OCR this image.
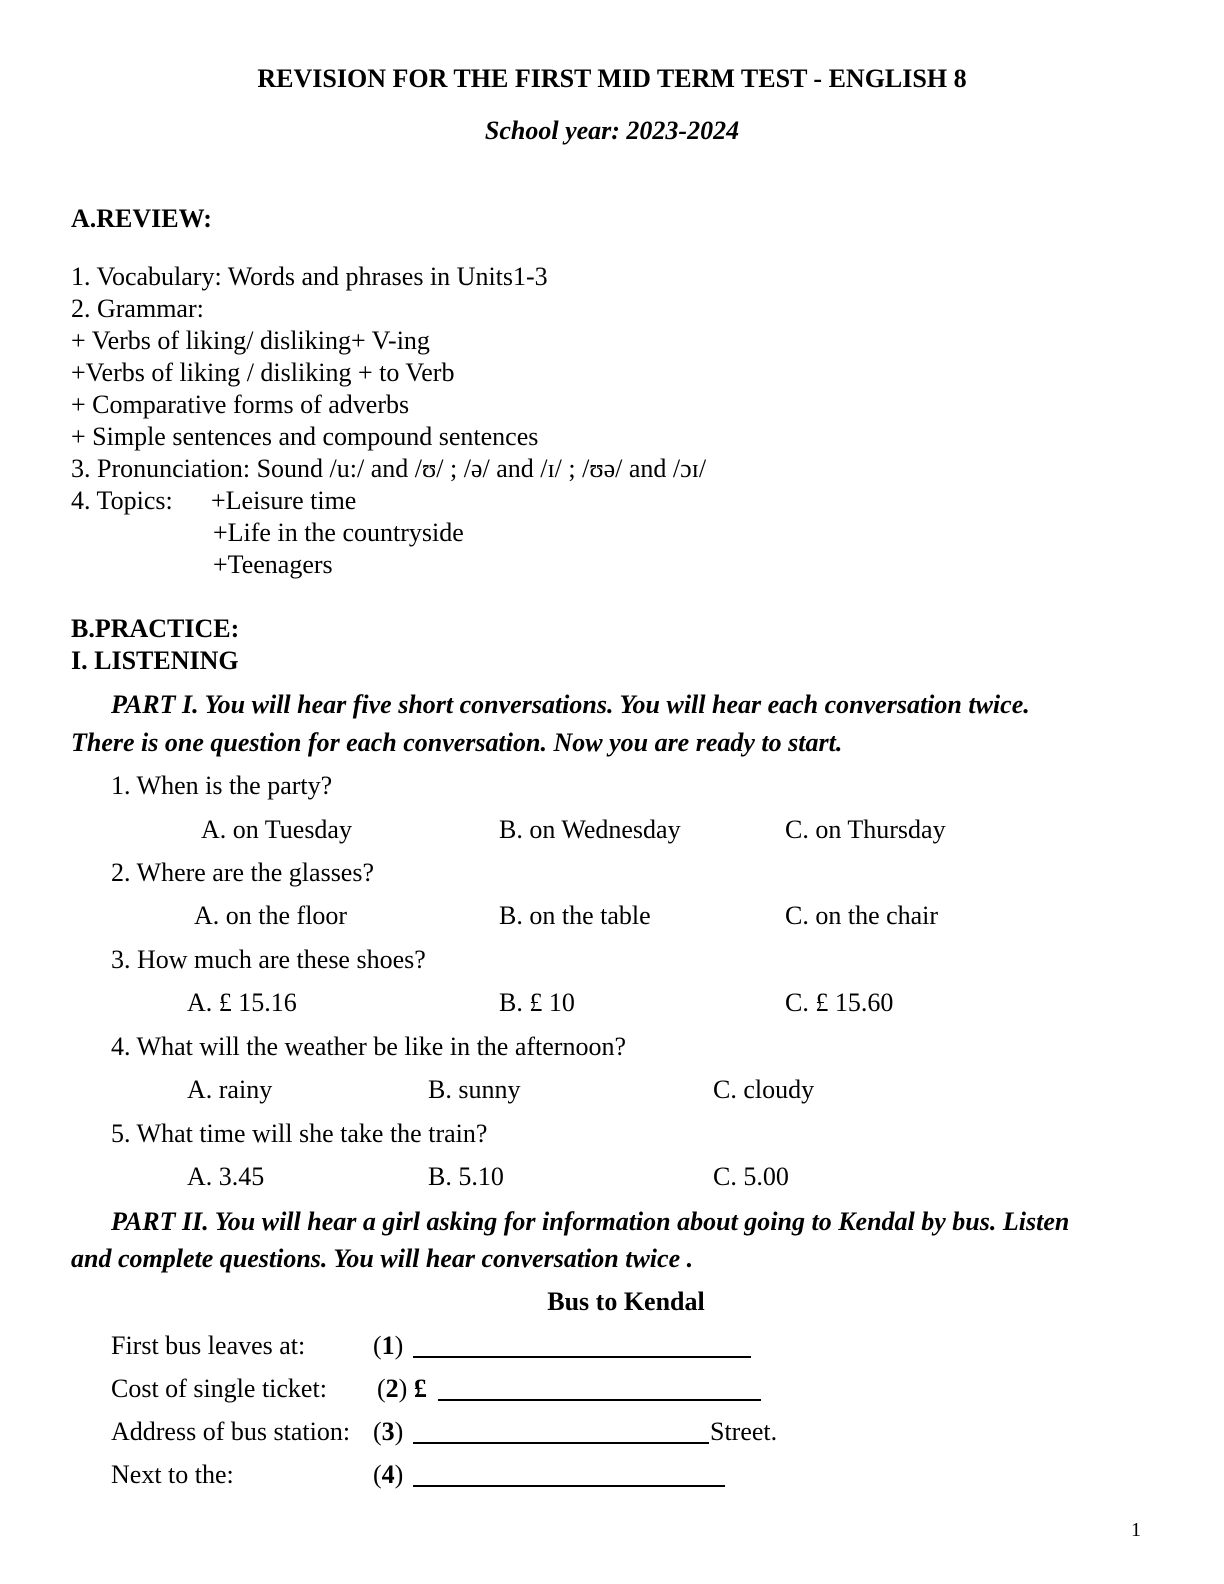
REVISION FOR THE FIRST MID TERM TEST - ENGLISH 8
School year: 2023-2024
A.REVIEW:
1. Vocabulary: Words and phrases in Units1-3
2. Grammar:
+ Verbs of liking/ disliking+ V-ing
+Verbs of liking / disliking + to Verb
+ Comparative forms of adverbs
+ Simple sentences and compound sentences
3. Pronunciation: Sound /u:/ and /ʊ/ ; /ə/ and /ɪ/ ; /ʊə/ and /ɔɪ/
4. Topics: +Leisure time
+Life in the countryside
+Teenagers
B.PRACTICE:
I. LISTENING
PART I. You will hear five short conversations. You will hear each conversation twice.
There is one question for each conversation. Now you are ready to start.
1. When is the party?
A. on Tuesday	B. on Wednesday	C. on Thursday
2. Where are the glasses?
A. on the floor	B. on the table	C. on the chair
3. How much are these shoes?
A. £ 15.16	B. £ 10	C. £ 15.60
4. What will the weather be like in the afternoon?
A. rainy	B. sunny	C. cloudy
5. What time will she take the train?
A. 3.45	B. 5.10	C. 5.00
PART II. You will hear a girl asking for information about going to Kendal by bus. Listen
and complete questions. You will hear conversation twice .
Bus to Kendal
First bus leaves at:	(1)
Cost of single ticket: (2) £
Address of bus station: (3)	Street.
Next to the:	(4)
1
